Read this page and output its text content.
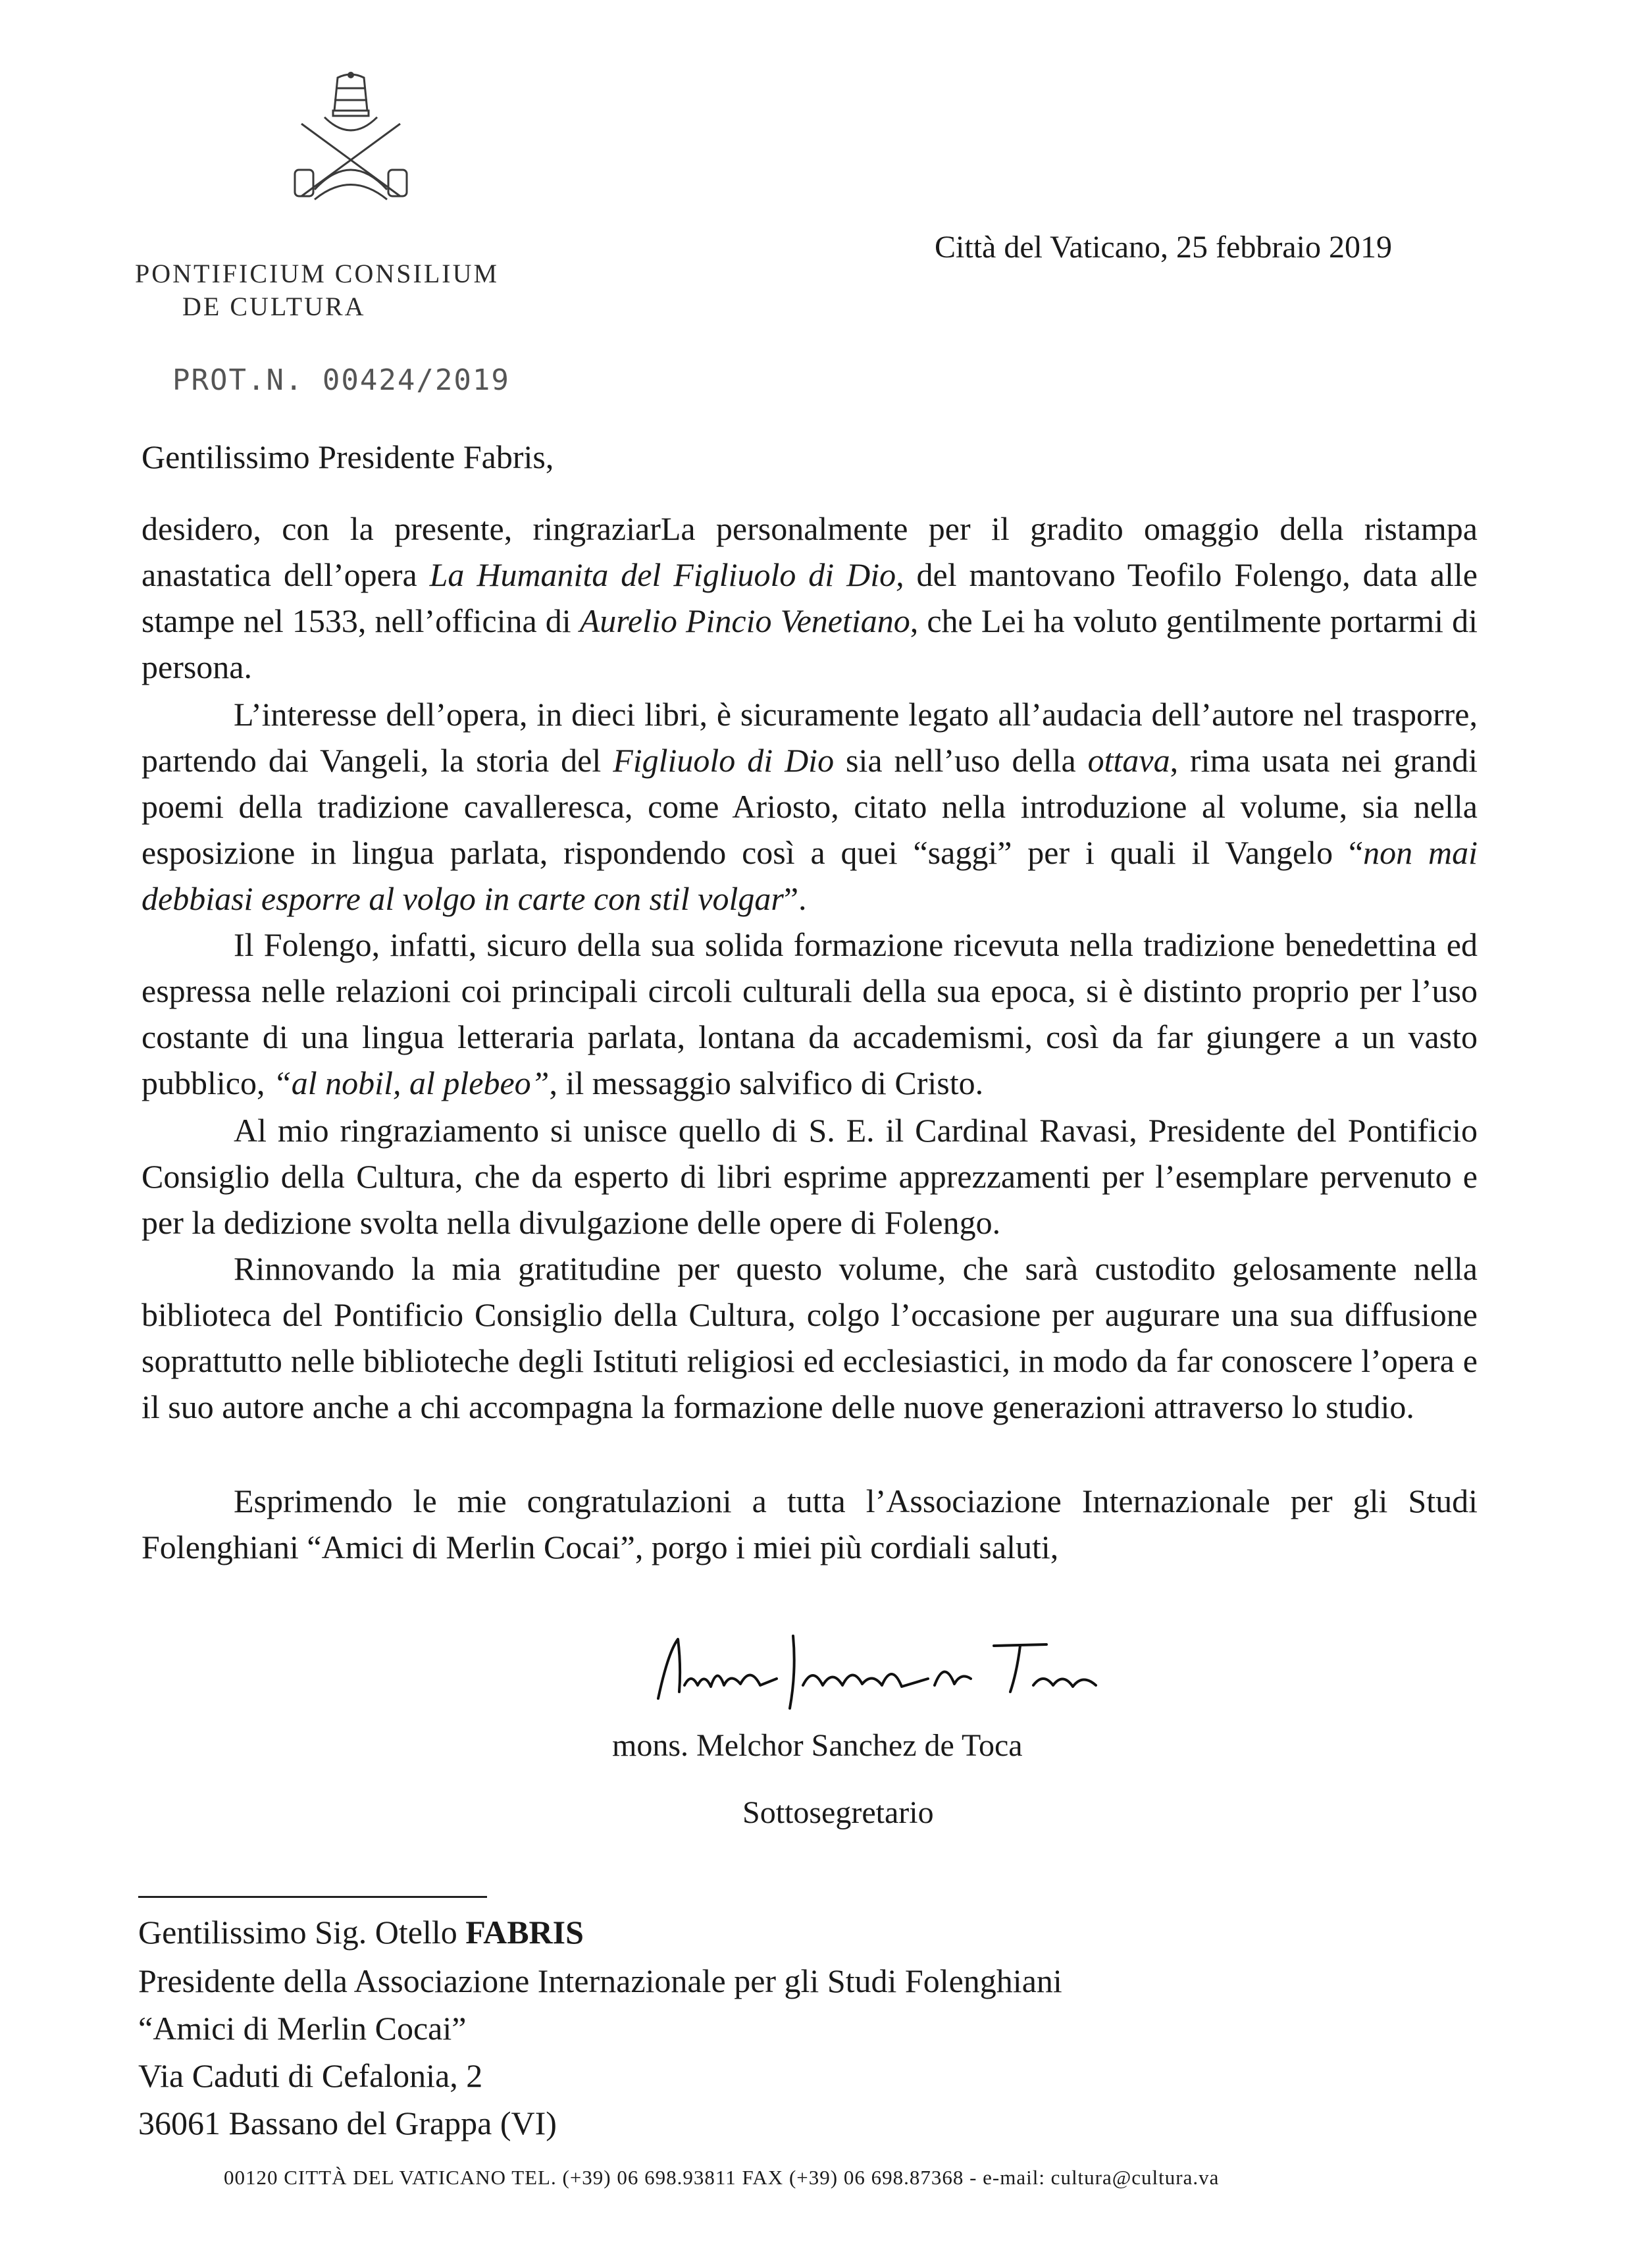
PONTIFICIUM CONSILIUM
DE CULTURA
PROT.N. 00424/2019
Città del Vaticano, 25 febbraio 2019
Gentilissimo Presidente Fabris,
desidero, con la presente, ringraziarLa personalmente per il gradito omaggio della ristampa anastatica dell’opera La Humanita del Figliuolo di Dio, del mantovano Teofilo Folengo, data alle stampe nel 1533, nell’officina di Aurelio Pincio Venetiano, che Lei ha voluto gentilmente portarmi di persona.
L’interesse dell’opera, in dieci libri, è sicuramente legato all’audacia dell’autore nel trasporre, partendo dai Vangeli, la storia del Figliuolo di Dio sia nell’uso della ottava, rima usata nei grandi poemi della tradizione cavalleresca, come Ariosto, citato nella introduzione al volume, sia nella esposizione in lingua parlata, rispondendo così a quei “saggi” per i quali il Vangelo “non mai debbiasi esporre al volgo in carte con stil volgar”.
Il Folengo, infatti, sicuro della sua solida formazione ricevuta nella tradizione benedettina ed espressa nelle relazioni coi principali circoli culturali della sua epoca, si è distinto proprio per l’uso costante di una lingua letteraria parlata, lontana da accademismi, così da far giungere a un vasto pubblico, “al nobil, al plebeo”, il messaggio salvifico di Cristo.
Al mio ringraziamento si unisce quello di S. E. il Cardinal Ravasi, Presidente del Pontificio Consiglio della Cultura, che da esperto di libri esprime apprezzamenti per l’esemplare pervenuto e per la dedizione svolta nella divulgazione delle opere di Folengo.
Rinnovando la mia gratitudine per questo volume, che sarà custodito gelosamente nella biblioteca del Pontificio Consiglio della Cultura, colgo l’occasione per augurare una sua diffusione soprattutto nelle biblioteche degli Istituti religiosi ed ecclesiastici, in modo da far conoscere l’opera e il suo autore anche a chi accompagna la formazione delle nuove generazioni attraverso lo studio.
Esprimendo le mie congratulazioni a tutta l’Associazione Internazionale per gli Studi Folenghiani “Amici di Merlin Cocai”, porgo i miei più cordiali saluti,
mons. Melchor Sanchez de Toca
Sottosegretario
Gentilissimo Sig. Otello FABRIS
Presidente della Associazione Internazionale per gli Studi Folenghiani
“Amici di Merlin Cocai”
Via Caduti di Cefalonia, 2
36061 Bassano del Grappa (VI)
00120 CITTÀ DEL VATICANO TEL. (+39) 06 698.93811 FAX (+39) 06 698.87368 - e-mail: cultura@cultura.va
